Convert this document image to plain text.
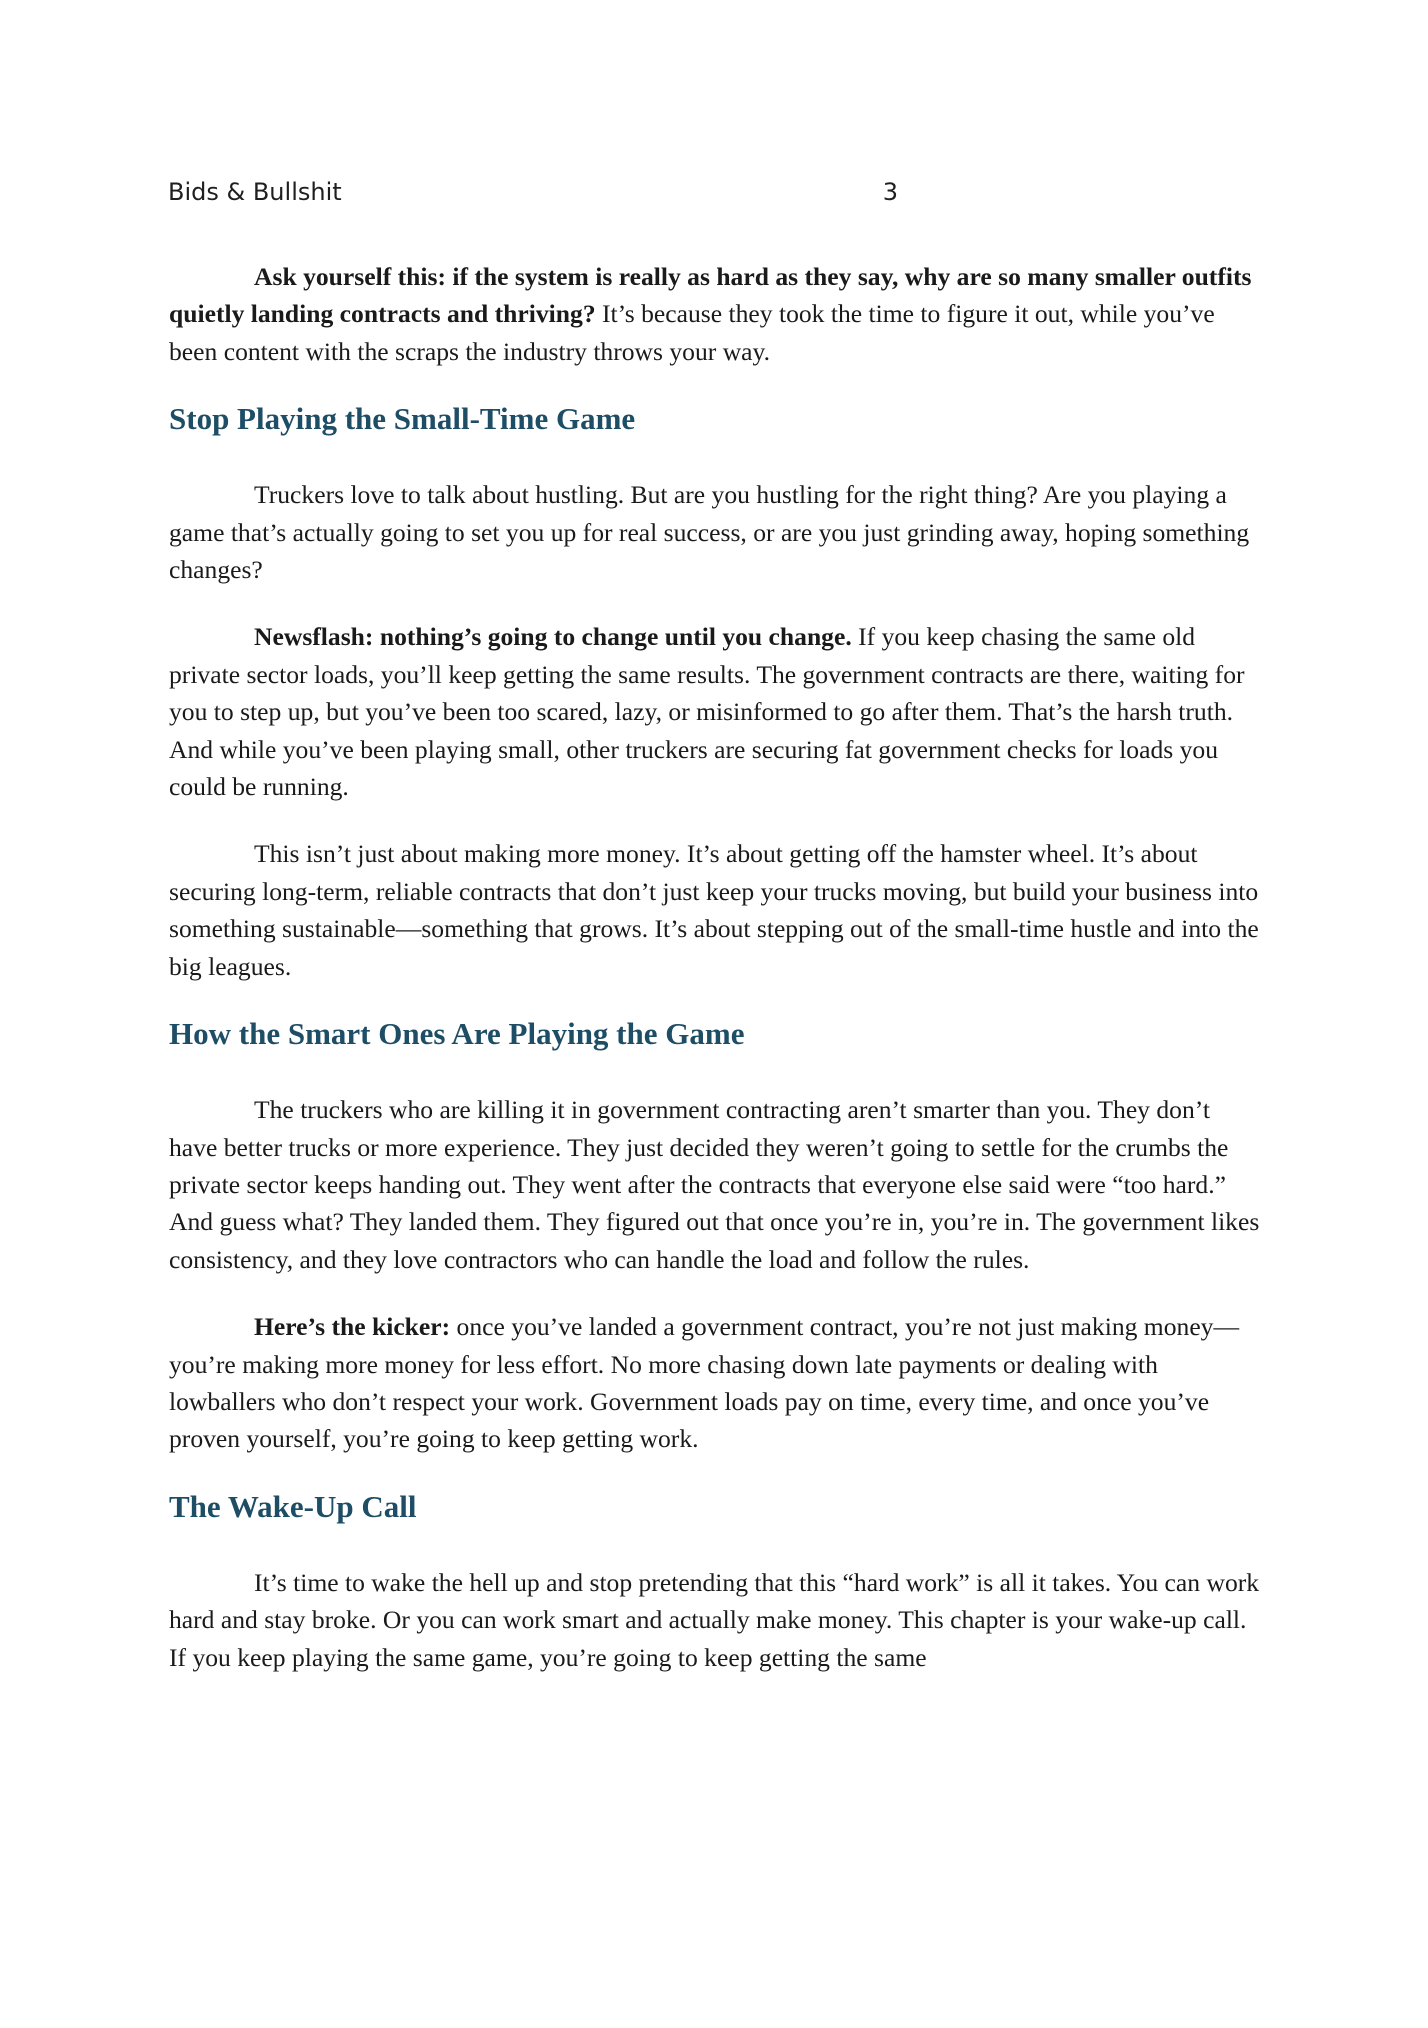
Bids & Bullshit	3

Ask yourself this: if the system is really as hard as they say, why are so many smaller outfits quietly landing contracts and thriving? It’s because they took the time to figure it out, while you’ve been content with the scraps the industry throws your way.

Stop Playing the Small-Time Game

Truckers love to talk about hustling. But are you hustling for the right thing? Are you playing a game that’s actually going to set you up for real success, or are you just grinding away, hoping something changes?

Newsflash: nothing’s going to change until you change. If you keep chasing the same old private sector loads, you’ll keep getting the same results. The government contracts are there, waiting for you to step up, but you’ve been too scared, lazy, or misinformed to go after them. That’s the harsh truth. And while you’ve been playing small, other truckers are securing fat government checks for loads you could be running.

This isn’t just about making more money. It’s about getting off the hamster wheel. It’s about securing long-term, reliable contracts that don’t just keep your trucks moving, but build your business into something sustainable—something that grows. It’s about stepping out of the small-time hustle and into the big leagues.

How the Smart Ones Are Playing the Game

The truckers who are killing it in government contracting aren’t smarter than you. They don’t have better trucks or more experience. They just decided they weren’t going to settle for the crumbs the private sector keeps handing out. They went after the contracts that everyone else said were “too hard.” And guess what? They landed them. They figured out that once you’re in, you’re in. The government likes consistency, and they love contractors who can handle the load and follow the rules.

Here’s the kicker: once you’ve landed a government contract, you’re not just making money—you’re making more money for less effort. No more chasing down late payments or dealing with lowballers who don’t respect your work. Government loads pay on time, every time, and once you’ve proven yourself, you’re going to keep getting work.

The Wake-Up Call

It’s time to wake the hell up and stop pretending that this “hard work” is all it takes. You can work hard and stay broke. Or you can work smart and actually make money. This chapter is your wake-up call. If you keep playing the same game, you’re going to keep getting the same
